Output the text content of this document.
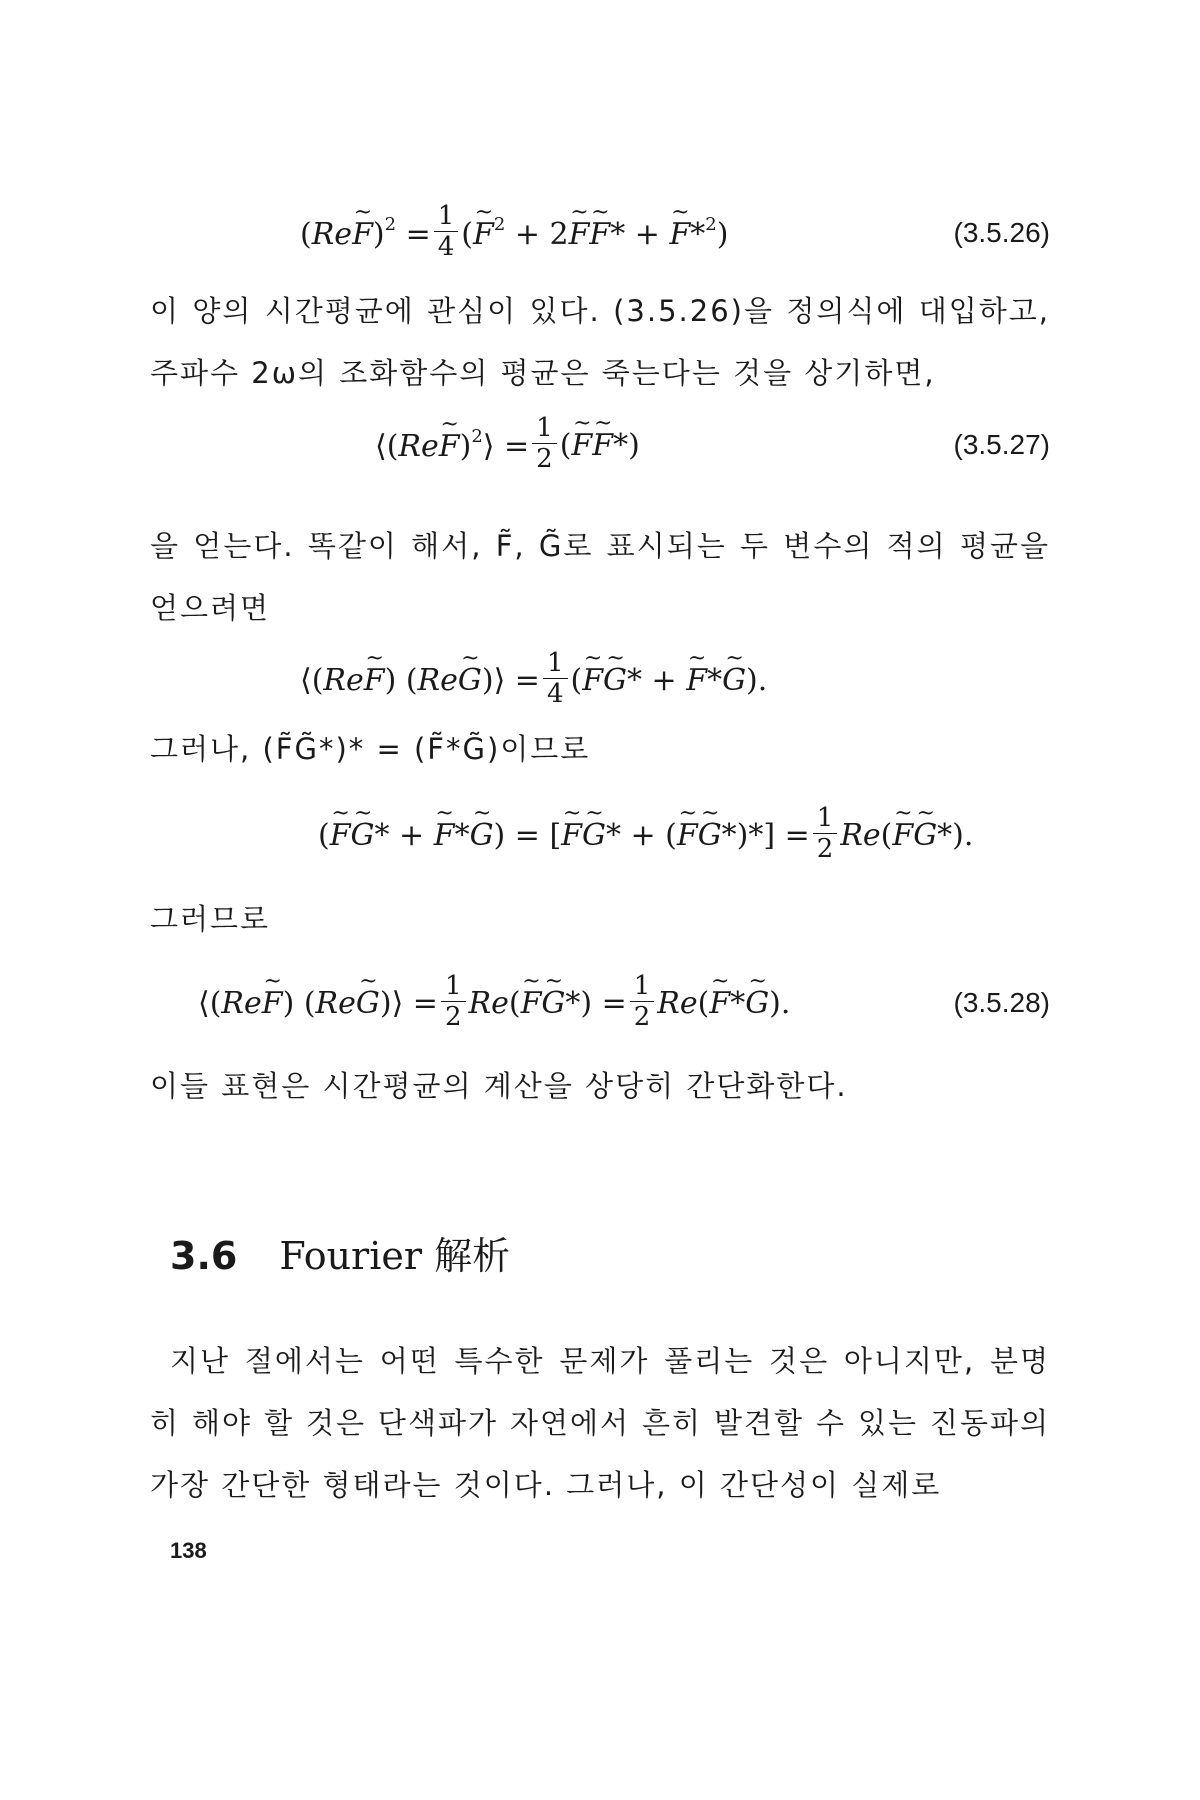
(Re~ $F)^2 = \frac{1}{4}$ (~ $F^2$ + 2~ F~ F* + ~ F*$^2$)	(3.5.26)
이 양의 시간평균에 관심이 있다. (3.5.26)을 정의식에 대입하고, 주파수 2ω의 조화함수의 평균은 죽는다는 것을 상기하면,
⟨(Re~ F)$^2$⟩ = $\frac{1}{2}$ (~ F~ F*)	(3.5.27)
을 얻는다. 똑같이 해서, F̃, G̃로 표시되는 두 변수의 적의 평균을 얻으려면
⟨(Re~ F) (Re~ G)⟩ = $\frac{1}{4}$ (~ F~ G* + ~ F*~ G).
그러나, (F̃G̃*)* = (F̃*G̃)이므로
(~ F~ G* + ~ F*~ G) = [~ F~ G* + (~ F~ $G*)*] = \frac{1}{2}$ Re(~ F~ G*).
그러므로
⟨(Re~ F) (Re~ G)⟩ = $\frac{1}{2}$ Re(~ F~ $G*) = \frac{1}{2}$ Re(~ F*~ G).	(3.5.28)
이들 표현은 시간평균의 계산을 상당히 간단화한다.
3.6 Fourier 解析
지난 절에서는 어떤 특수한 문제가 풀리는 것은 아니지만, 분명히 해야 할 것은 단색파가 자연에서 흔히 발견할 수 있는 진동파의 가장 간단한 형태라는 것이다. 그러나, 이 간단성이 실제로
138
